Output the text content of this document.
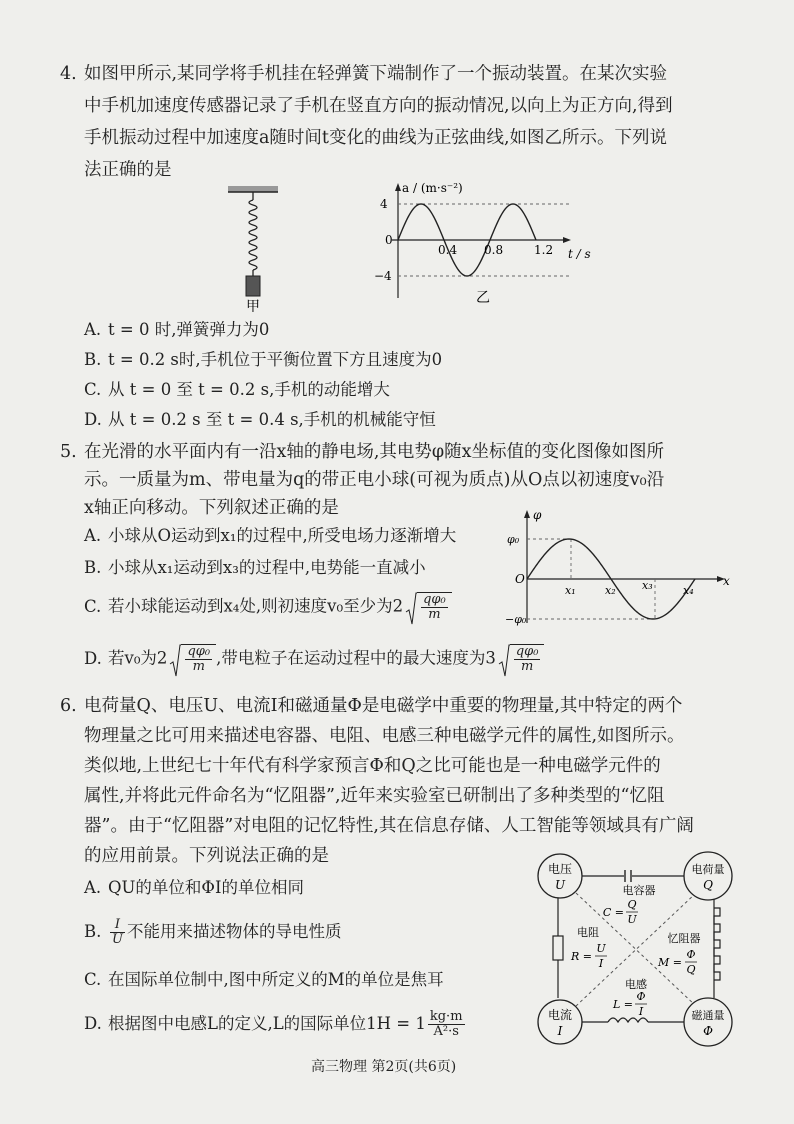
4. 如图甲所示,某同学将手机挂在轻弹簧下端制作了一个振动装置。在某次实验
中手机加速度传感器记录了手机在竖直方向的振动情况,以向上为正方向,得到
手机振动过程中加速度a随时间t变化的曲线为正弦曲线,如图乙所示。下列说
法正确的是
甲
a / (m·s⁻²)
4
−4
0
0.4 0.8	1.2 t / s
乙
A. t = 0 时,弹簧弹力为0
B. t = 0.2 s时,手机位于平衡位置下方且速度为0
C. 从 t = 0 至 t = 0.2 s,手机的动能增大
D. 从 t = 0.2 s 至 t = 0.4 s,手机的机械能守恒
5. 在光滑的水平面内有一沿x轴的静电场,其电势φ随x坐标值的变化图像如图所
示。一质量为m、带电量为q的带正电小球(可视为质点)从O点以初速度v₀沿
x轴正向移动。下列叙述正确的是	φ
φ₀
−φ₀
O
x₁	x₂ x₃	x₄
x
A. 小球从O运动到x₁的过程中,所受电场力逐渐增大
B. 小球从x₁运动到x₃的过程中,电势能一直减小
C. 若小球能运动到x₄处,则初速度v₀至少为$2 \frac{\text{qφ₀}}{m}$
D. 若v₀为$2 \frac{\text{qφ₀}}{m}$ ,带电粒子在运动过程中的最大速度为$3 \frac{\text{qφ₀}}{m}$
6. 电荷量Q、电压U、电流I和磁通量Φ是电磁学中重要的物理量,其中特定的两个
物理量之比可用来描述电容器、电阻、电感三种电磁学元件的属性,如图所示。
类似地,上世纪七十年代有科学家预言Φ和Q之比可能也是一种电磁学元件的
属性,并将此元件命名为“忆阻器”,近年来实验室已研制出了多种类型的“忆阻
器”。由于“忆阻器”对电阻的记忆特性,其在信息存储、人工智能等领域具有广阔
的应用前景。下列说法正确的是
A. QU的单位和ΦI的单位相同
B. $\frac{I}{U}$ 不能用来描述物体的导电性质
C. 在国际单位制中,图中所定义的M的单位是焦耳
D. 根据图中电感L的定义,L的国际单位$1H = 1 \frac{kg\cdot m}{\text{A²·s}}$
电压
U
电荷量
Q
电流
I
磁通量
Φ
电容器
C =
Q
U
电阻
R =
U
I
忆阻器
M =
Φ
Q
电感
L =
Φ
I
高三物理 第2页(共6页)
